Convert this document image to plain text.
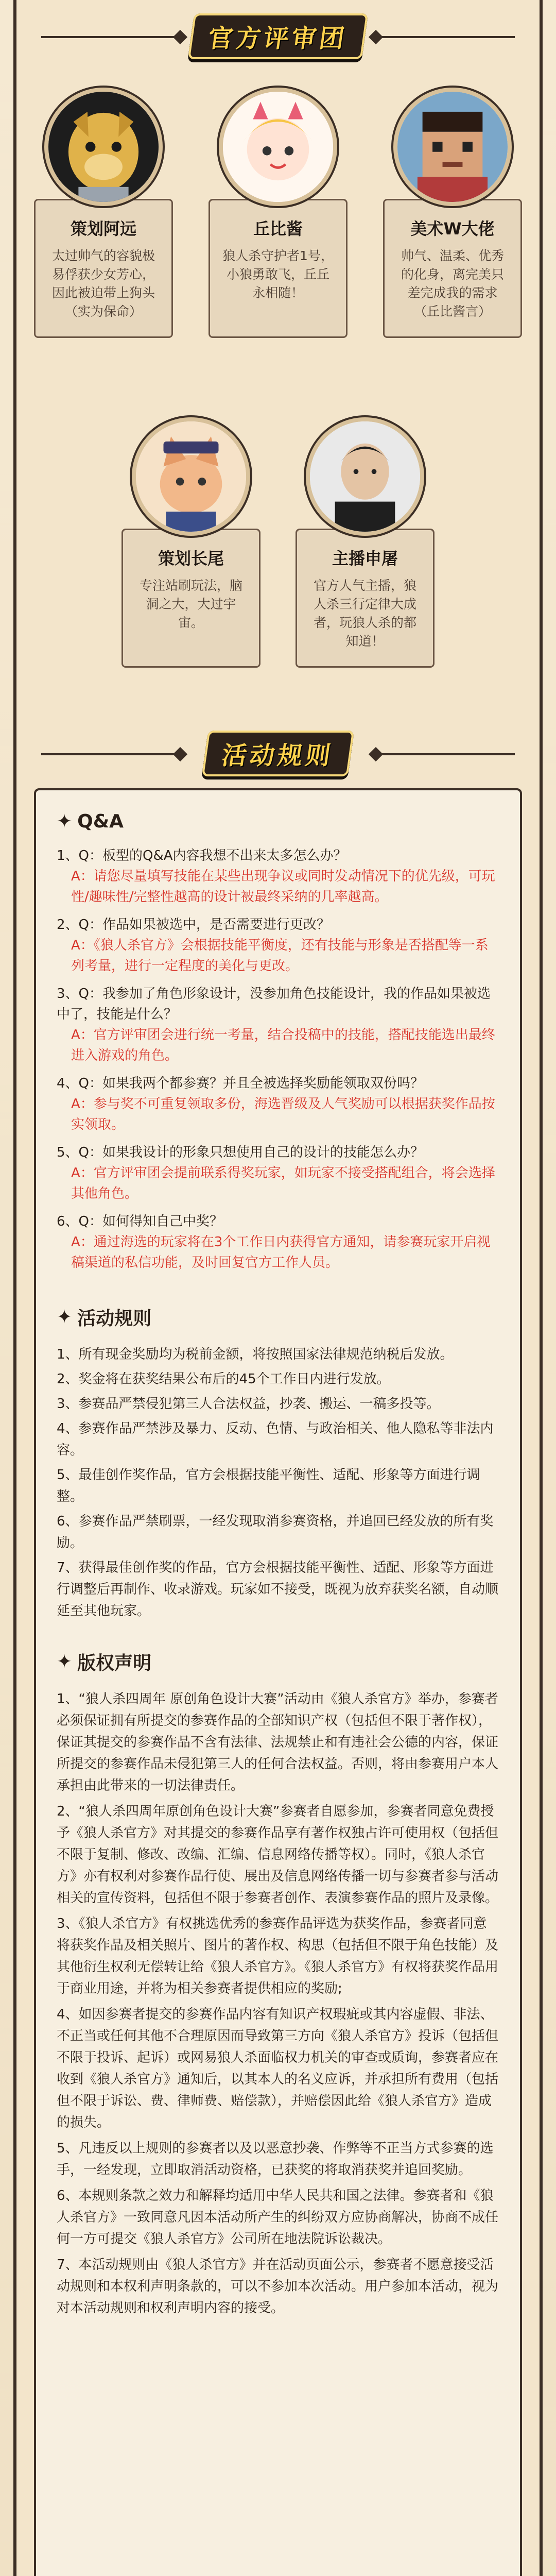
官方评审团
策划阿远
太过帅气的容貌极易俘获少女芳心，因此被迫带上狗头（实为保命）
丘比酱
狼人杀守护者1号，小狼勇敢飞，丘丘永相随！
美术W大佬
帅气、温柔、优秀的化身，离完美只差完成我的需求（丘比酱言）
策划长尾
专注站刷玩法，脑洞之大，大过宇宙。
主播申屠
官方人气主播，狼人杀三行定律大成者，玩狼人杀的都知道！
活动规则
✦ Q&A
1、Q：板型的Q&A内容我想不出来太多怎么办？
A：请您尽量填写技能在某些出现争议或同时发动情况下的优先级，可玩性/趣味性/完整性越高的设计被最终采纳的几率越高。
2、Q：作品如果被选中，是否需要进行更改？
A：《狼人杀官方》会根据技能平衡度，还有技能与形象是否搭配等一系列考量，进行一定程度的美化与更改。
3、Q：我参加了角色形象设计，没参加角色技能设计，我的作品如果被选中了，技能是什么？
A：官方评审团会进行统一考量，结合投稿中的技能，搭配技能选出最终进入游戏的角色。
4、Q：如果我两个都参赛？并且全被选择奖励能领取双份吗？
A：参与奖不可重复领取多份，海选晋级及人气奖励可以根据获奖作品按实领取。
5、Q：如果我设计的形象只想使用自己的设计的技能怎么办？
A：官方评审团会提前联系得奖玩家，如玩家不接受搭配组合，将会选择其他角色。
6、Q：如何得知自己中奖？
A：通过海选的玩家将在3个工作日内获得官方通知，请参赛玩家开启视稿渠道的私信功能，及时回复官方工作人员。
✦ 活动规则
1、所有现金奖励均为税前金额，将按照国家法律规范纳税后发放。
2、奖金将在获奖结果公布后的45个工作日内进行发放。
3、参赛品严禁侵犯第三人合法权益，抄袭、搬运、一稿多投等。
4、参赛作品严禁涉及暴力、反动、色情、与政治相关、他人隐私等非法内容。
5、最佳创作奖作品，官方会根据技能平衡性、适配、形象等方面进行调整。
6、参赛作品严禁刷票，一经发现取消参赛资格，并追回已经发放的所有奖励。
7、获得最佳创作奖的作品，官方会根据技能平衡性、适配、形象等方面进行调整后再制作、收录游戏。玩家如不接受，既视为放弃获奖名额，自动顺延至其他玩家。
✦ 版权声明
1、“狼人杀四周年 原创角色设计大赛”活动由《狼人杀官方》举办，参赛者必须保证拥有所提交的参赛作品的全部知识产权（包括但不限于著作权），保证其提交的参赛作品不含有法律、法规禁止和有违社会公德的内容，保证所提交的参赛作品未侵犯第三人的任何合法权益。否则，将由参赛用户本人承担由此带来的一切法律责任。
2、“狼人杀四周年原创角色设计大赛”参赛者自愿参加，参赛者同意免费授予《狼人杀官方》对其提交的参赛作品享有著作权独占许可使用权（包括但不限于复制、修改、改编、汇编、信息网络传播等权）。同时，《狼人杀官方》亦有权利对参赛作品行使、展出及信息网络传播一切与参赛者参与活动相关的宣传资料，包括但不限于参赛者创作、表演参赛作品的照片及录像。
3、《狼人杀官方》有权挑选优秀的参赛作品评选为获奖作品，参赛者同意将获奖作品及相关照片、图片的著作权、构思（包括但不限于角色技能）及其他衍生权利无偿转让给《狼人杀官方》。《狼人杀官方》有权将获奖作品用于商业用途，并将为相关参赛者提供相应的奖励;
4、如因参赛者提交的参赛作品内容有知识产权瑕疵或其内容虚假、非法、不正当或任何其他不合理原因而导致第三方向《狼人杀官方》投诉（包括但不限于投诉、起诉）或网易狼人杀面临权力机关的审查或质询，参赛者应在收到《狼人杀官方》通知后，以其本人的名义应诉，并承担所有费用（包括但不限于诉讼、费、律师费、赔偿款），并赔偿因此给《狼人杀官方》造成的损失。
5、凡违反以上规则的参赛者以及以恶意抄袭、作弊等不正当方式参赛的选手，一经发现，立即取消活动资格，已获奖的将取消获奖并追回奖励。
6、本规则条款之效力和解释均适用中华人民共和国之法律。参赛者和《狼人杀官方》一致同意凡因本活动所产生的纠纷双方应协商解决，协商不成任何一方可提交《狼人杀官方》公司所在地法院诉讼裁决。
7、本活动规则由《狼人杀官方》并在活动页面公示，参赛者不愿意接受活动规则和本权利声明条款的，可以不参加本次活动。用户参加本活动，视为对本活动规则和权利声明内容的接受。
